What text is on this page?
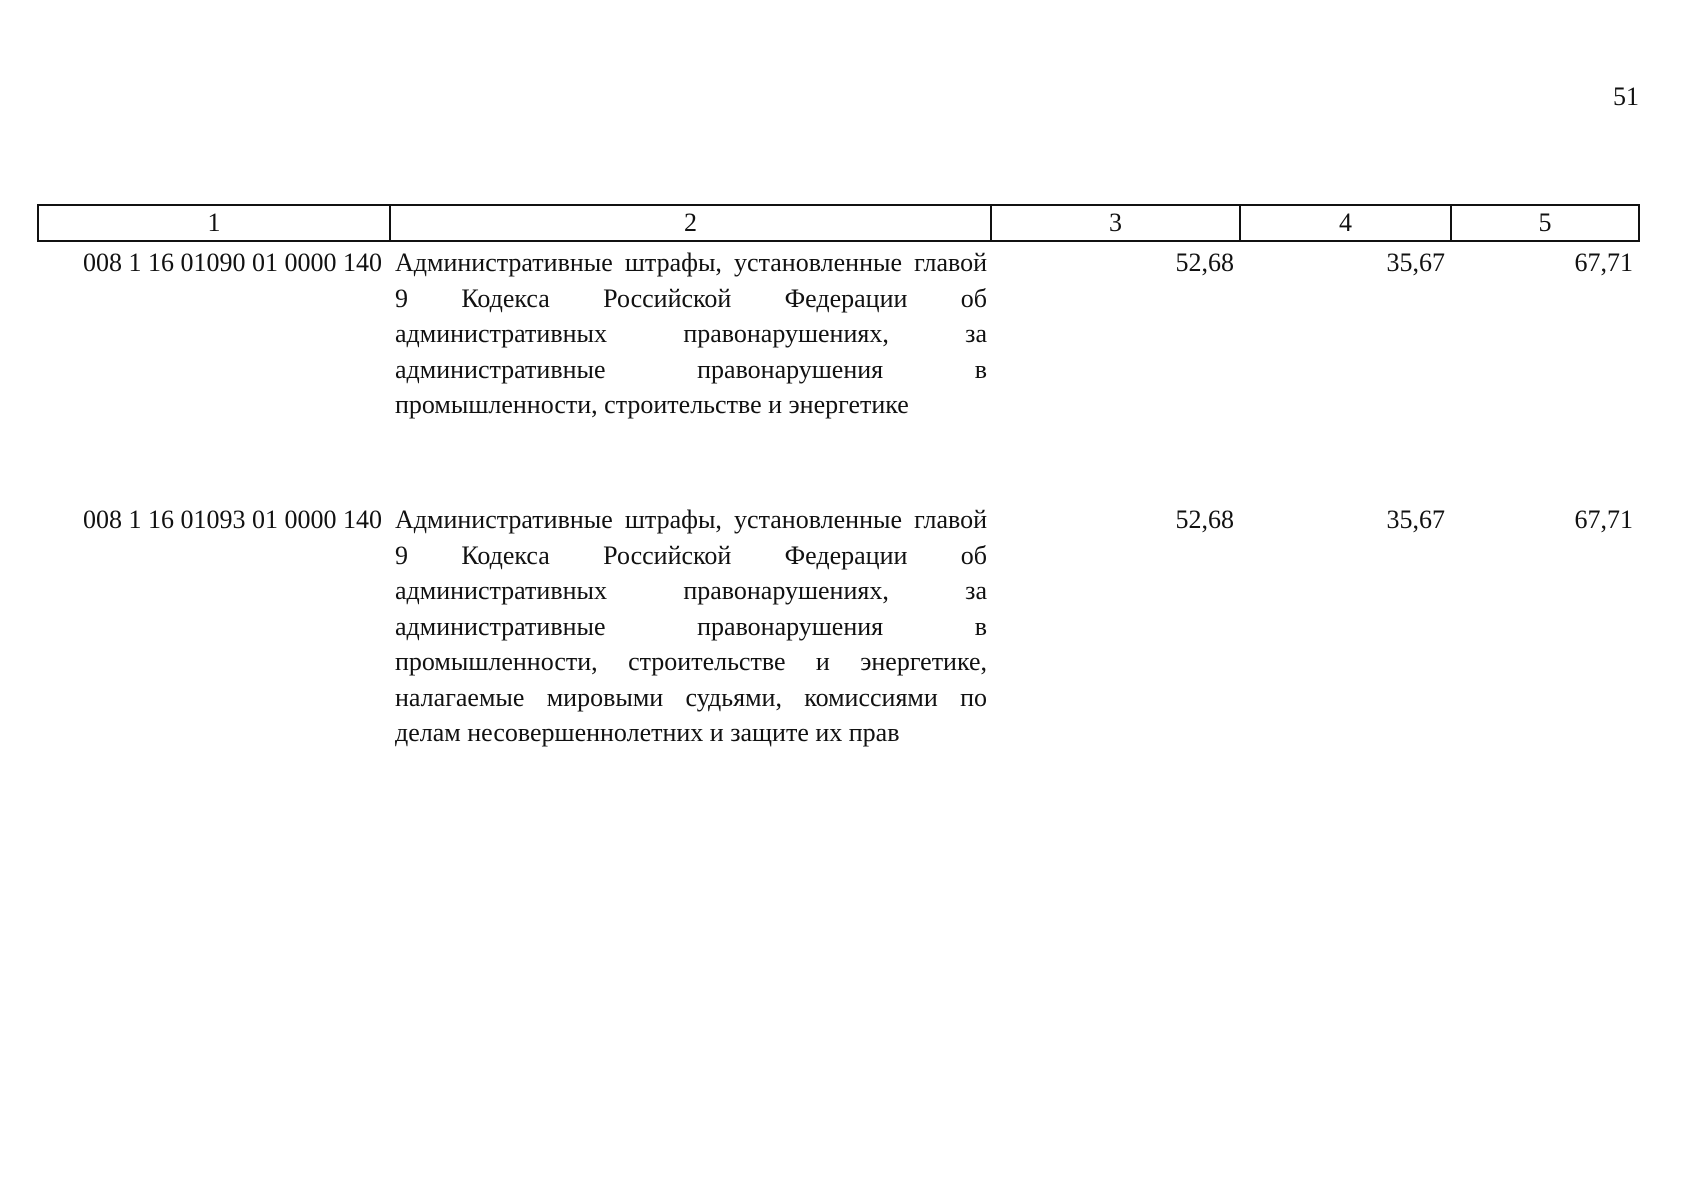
51
1	2	3	4	5
008 1 16 01090 01 0000 140	Административные штрафы, установленные главой 9 Кодекса Российской Федерации об административных правонарушениях, за административные правонарушения в промышленности, строительстве и энергетике	52,68	35,67	67,71
008 1 16 01093 01 0000 140	Административные штрафы, установленные главой 9 Кодекса Российской Федерации об административных правонарушениях, за административные правонарушения в промышленности, строительстве и энергетике, налагаемые мировыми судьями, комиссиями по делам несовершеннолетних и защите их прав	52,68	35,67	67,71
